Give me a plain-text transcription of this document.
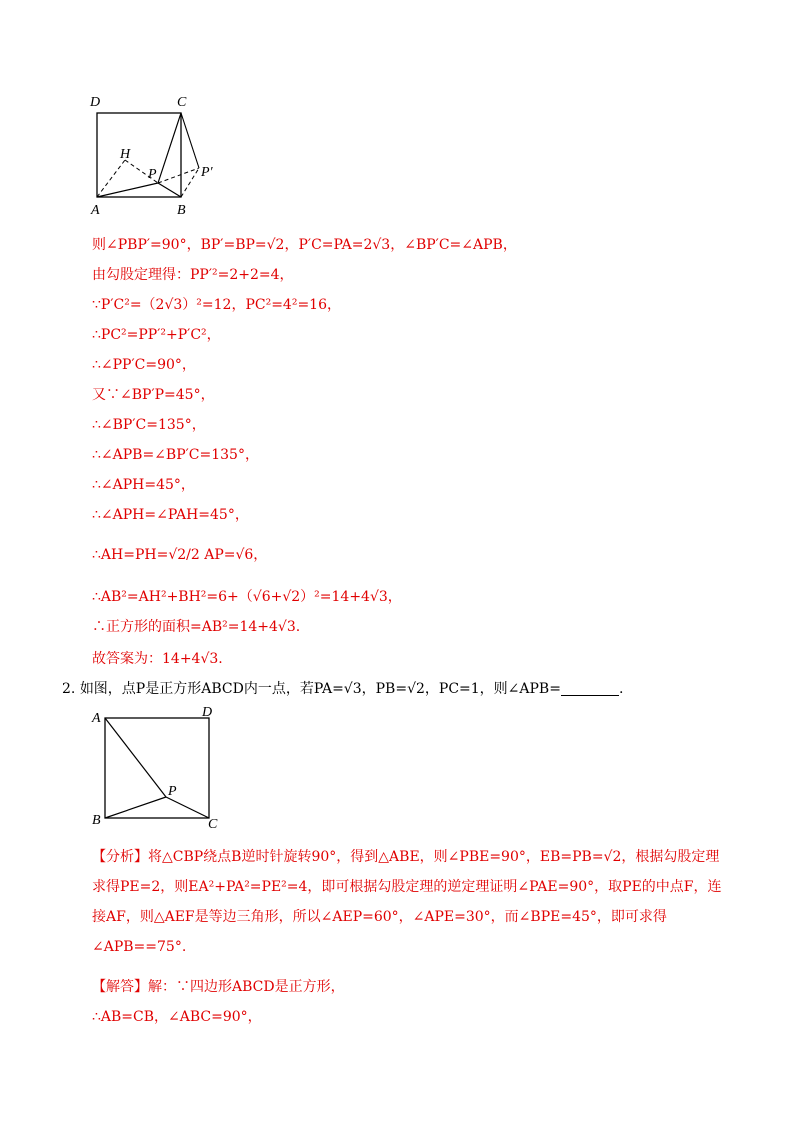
D	C
H
P	P′
A	B
则∠PBP′=90°，BP′=BP=√2，P′C=PA=2√3，∠BP′C=∠APB，
由勾股定理得：PP′²=2+2=4，
∵P′C²=（2√3）²=12，PC²=4²=16，
∴PC²=PP′²+P′C²，
∴∠PP′C=90°，
又∵∠BP′P=45°，
∴∠BP′C=135°，
∴∠APB=∠BP′C=135°，
∴∠APH=45°，
∴∠APH=∠PAH=45°，
∴AH=PH=√2/2 AP=√6，
∴AB²=AH²+BH²=6+（√6+√2）²=14+4√3，
∴正方形的面积=AB²=14+4√3.
故答案为：14+4√3.
2. 如图，点P是正方形ABCD内一点，若PA=√3，PB=√2，PC=1，则∠APB=	.
A	D
P
B	C
【分析】将△CBP绕点B逆时针旋转90°，得到△ABE，则∠PBE=90°，EB=PB=√2，根据勾股定理求得PE=2，则EA²+PA²=PE²=4，即可根据勾股定理的逆定理证明∠PAE=90°，取PE的中点F，连接AF，则△AEF是等边三角形，所以∠AEP=60°，∠APE=30°，而∠BPE=45°，即可求得∠APB==75°.
【解答】解：∵四边形ABCD是正方形，
∴AB=CB，∠ABC=90°，
